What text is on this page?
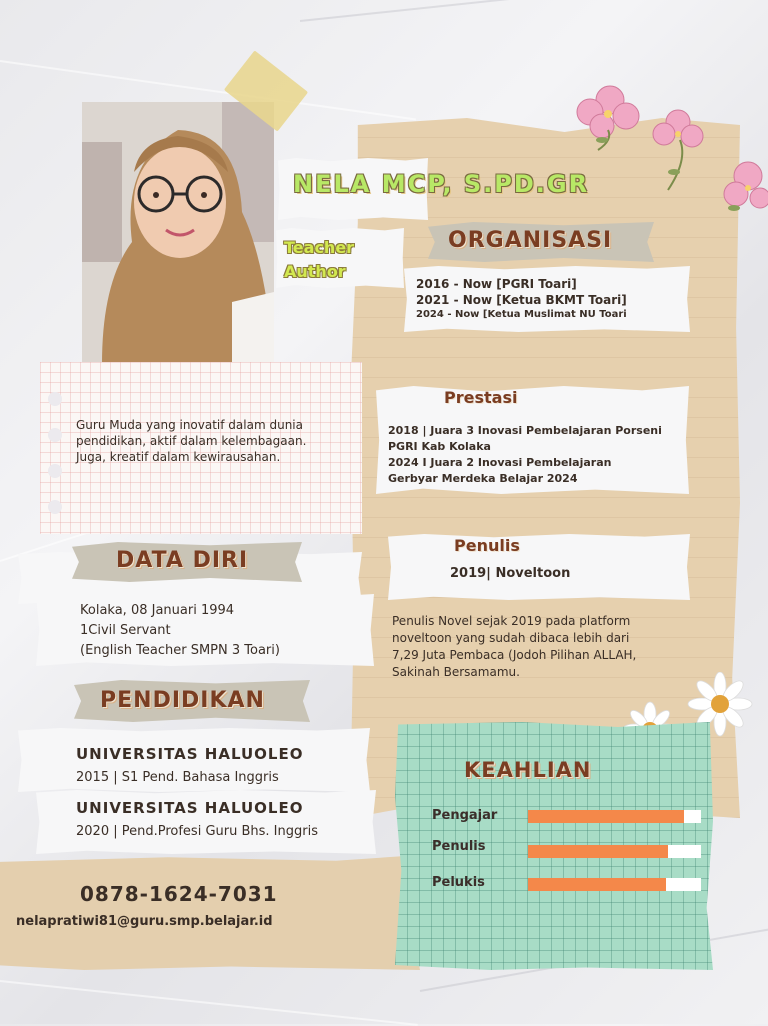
NELA MCP, S.PD.GR
Teacher
Author
ORGANISASI
2016 - Now [PGRI Toari]
2021 - Now [Ketua BKMT Toari]
2024 - Now [Ketua Muslimat NU Toari
Guru Muda yang inovatif dalam dunia
pendidikan, aktif dalam kelembagaan.
Juga, kreatif dalam kewirausahan.
Prestasi
2018 | Juara 3 Inovasi Pembelajaran Porseni
PGRI Kab Kolaka
2024 I Juara 2 Inovasi Pembelajaran
Gerbyar Merdeka Belajar 2024
Penulis
2019| Noveltoon
Penulis Novel sejak 2019 pada platform
noveltoon yang sudah dibaca lebih dari
7,29 Juta Pembaca (Jodoh Pilihan ALLAH,
Sakinah Bersamamu.
DATA DIRI
Kolaka, 08 Januari 1994
1Civil Servant
(English Teacher SMPN 3 Toari)
PENDIDIKAN
UNIVERSITAS HALUOLEO
2015 | S1 Pend. Bahasa Inggris
UNIVERSITAS HALUOLEO
2020 | Pend.Profesi Guru Bhs. Inggris
0878-1624-7031
nelapratiwi81@guru.smp.belajar.id
KEAHLIAN
Pengajar
Penulis
Pelukis
